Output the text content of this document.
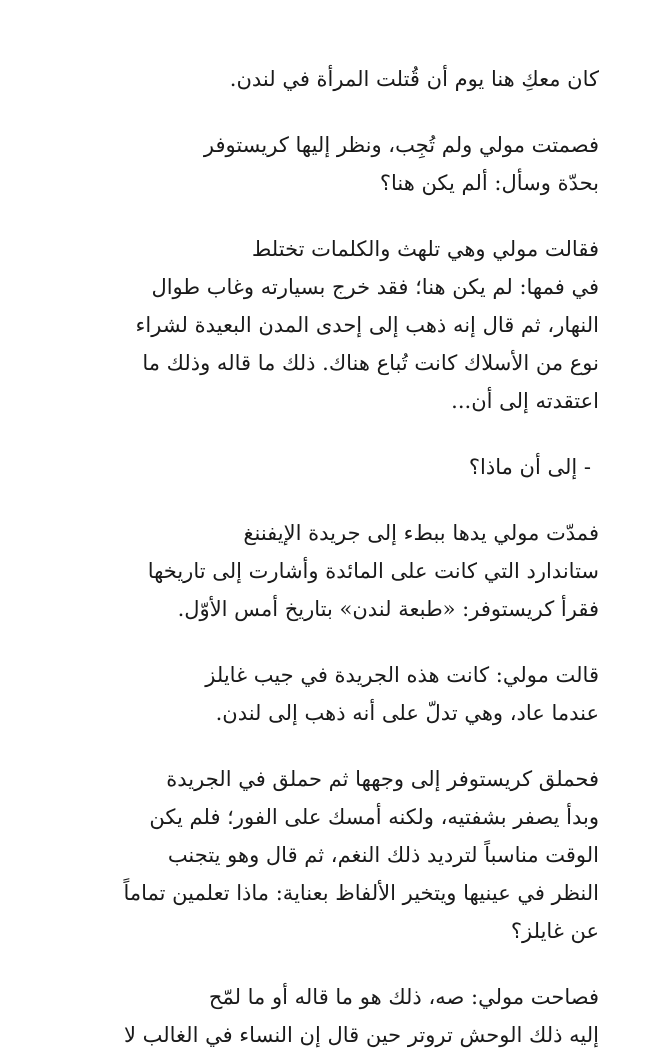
كان معكِ هنا يوم أن قُتلت المرأة في لندن.

فصمتت مولي ولم تُجِب، ونظر إليها كريستوفر
بحدّة وسأل: ألم يكن هنا؟

فقالت مولي وهي تلهث والكلمات تختلط
في فمها: لم يكن هنا؛ فقد خرج بسيارته وغاب طوال
النهار، ثم قال إنه ذهب إلى إحدى المدن البعيدة لشراء
نوع من الأسلاك كانت تُباع هناك. ذلك ما قاله وذلك ما
اعتقدته إلى أن...

- إلى أن ماذا؟

فمدّت مولي يدها ببطء إلى جريدة الإيفننغ
ستاندارد التي كانت على المائدة وأشارت إلى تاريخها
فقرأ كريستوفر: «طبعة لندن» بتاريخ أمس الأوّل.

قالت مولي: كانت هذه الجريدة في جيب غايلز
عندما عاد، وهي تدلّ على أنه ذهب إلى لندن.

فحملق كريستوفر إلى وجهها ثم حملق في الجريدة
وبدأ يصفر بشفتيه، ولكنه أمسك على الفور؛ فلم يكن
الوقت مناسباً لترديد ذلك النغم، ثم قال وهو يتجنب
النظر في عينيها ويتخير الألفاظ بعناية: ماذا تعلمين تماماً
عن غايلز؟

فصاحت مولي: صه، ذلك هو ما قاله أو ما لمّح
إليه ذلك الوحش تروتر حين قال إن النساء في الغالب لا
